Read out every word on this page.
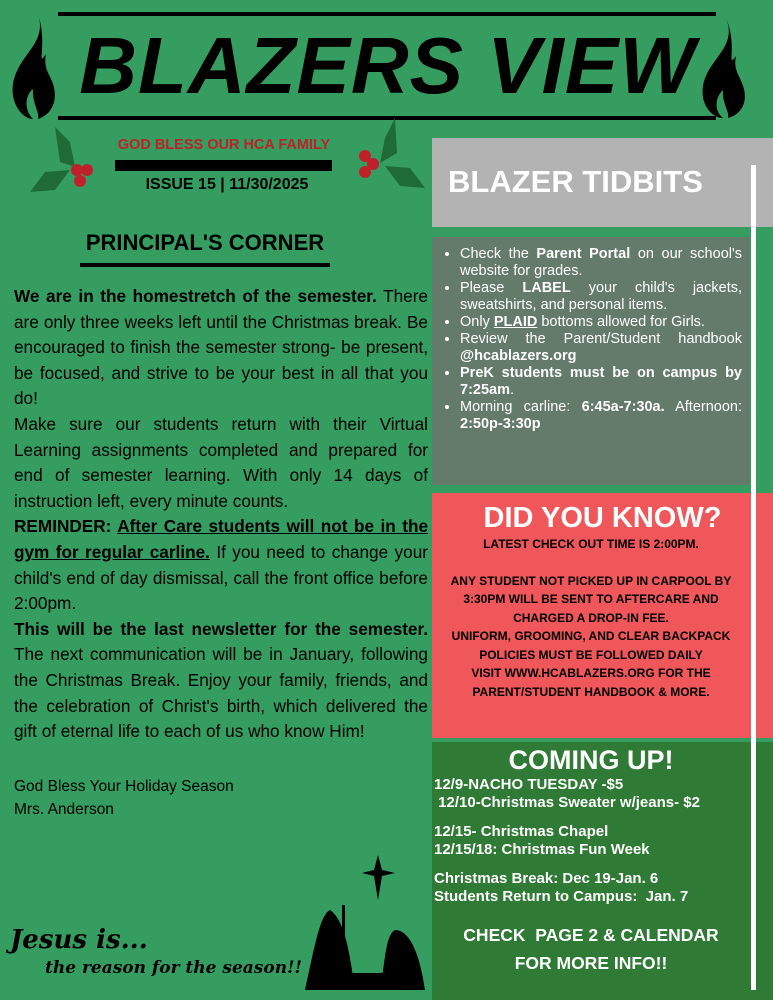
BLAZERS VIEW
GOD BLESS OUR HCA FAMILY
ISSUE 15 | 11/30/2025
PRINCIPAL'S CORNER

We are in the homestretch of the semester. There are only three weeks left until the Christmas break. Be encouraged to finish the semester strong- be present, be focused, and strive to be your best in all that you do!

Make sure our students return with their Virtual Learning assignments completed and prepared for end of semester learning. With only 14 days of instruction left, every minute counts.

REMINDER: After Care students will not be in the gym for regular carline. If you need to change your child's end of day dismissal, call the front office before 2:00pm.

This will be the last newsletter for the semester. The next communication will be in January, following the Christmas Break. Enjoy your family, friends, and the celebration of Christ's birth, which delivered the gift of eternal life to each of us who know Him!

God Bless Your Holiday Season
Mrs. Anderson
Jesus is...
the reason for the season!!
BLAZER TIDBITS
• Check the Parent Portal on our school's website for grades.
• Please LABEL your child's jackets, sweatshirts, and personal items.
• Only PLAID bottoms allowed for Girls.
• Review the Parent/Student handbook @hcablazers.org
• PreK students must be on campus by 7:25am.
• Morning carline: 6:45a-7:30a. Afternoon: 2:50p-3:30p
DID YOU KNOW?

LATEST CHECK OUT TIME IS 2:00PM.

ANY STUDENT NOT PICKED UP IN CARPOOL BY 3:30PM WILL BE SENT TO AFTERCARE AND CHARGED A DROP-IN FEE.

UNIFORM, GROOMING, AND CLEAR BACKPACK POLICIES MUST BE FOLLOWED DAILY

VISIT WWW.HCABLAZERS.ORG FOR THE PARENT/STUDENT HANDBOOK & MORE.

COMING UP!
12/9-NACHO TUESDAY -$5
12/10-Christmas Sweater w/jeans- $2
12/15- Christmas Chapel
12/15/18: Christmas Fun Week
Christmas Break: Dec 19-Jan. 6
Students Return to Campus:  Jan. 7
CHECK  PAGE 2 & CALENDAR
FOR MORE INFO!!
